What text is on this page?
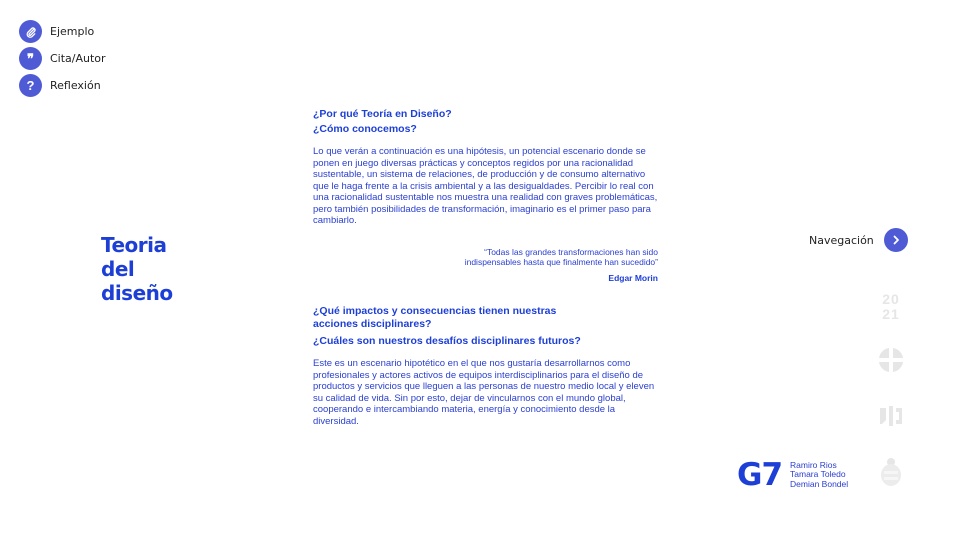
Ejemplo
❞	Cita/Autor
?	Reflexión
Teoria
del
diseño

¿Por qué Teoría en Diseño?

¿Cómo conocemos?

Lo que verán a continuación es una hipótesis, un potencial escenario donde se ponen en juego diversas prácticas y conceptos regidos por una racionalidad sustentable, un sistema de relaciones, de producción y de consumo alternativo que le haga frente a la crisis ambiental y a las desigualdades. Percibir lo real con una racionalidad sustentable nos muestra una realidad con graves problemáticas, pero también posibilidades de transformación, imaginario es el primer paso para cambiarlo.

“Todas las grandes transformaciones han sido
indispensables hasta que finalmente han sucedido”
Edgar Morin

¿Qué impactos y consecuencias tienen nuestras acciones disciplinares?

¿Cuáles son nuestros desafíos disciplinares futuros?

Este es un escenario hipotético en el que nos gustaría desarrollarnos como profesionales y actores activos de equipos interdisciplinarios para el diseño de productos y servicios que lleguen a las personas de nuestro medio local y eleven su calidad de vida. Sin por esto, dejar de vincularnos con el mundo global, cooperando e intercambiando materia, energía y conocimiento desde la diversidad.

Navegación
20
21
G7 Ramiro Rios
Tamara Toledo
Demian Bondel
